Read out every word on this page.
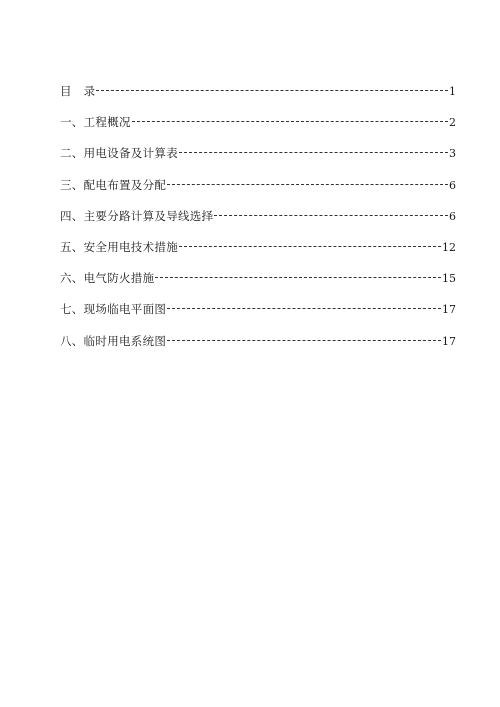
目　录	1
一、工程概况	2
二、用电设备及计算表	3
三、配电布置及分配	6
四、主要分路计算及导线选择	6
五、安全用电技术措施	12
六、电气防火措施	15
七、现场临电平面图	17
八、临时用电系统图	17
